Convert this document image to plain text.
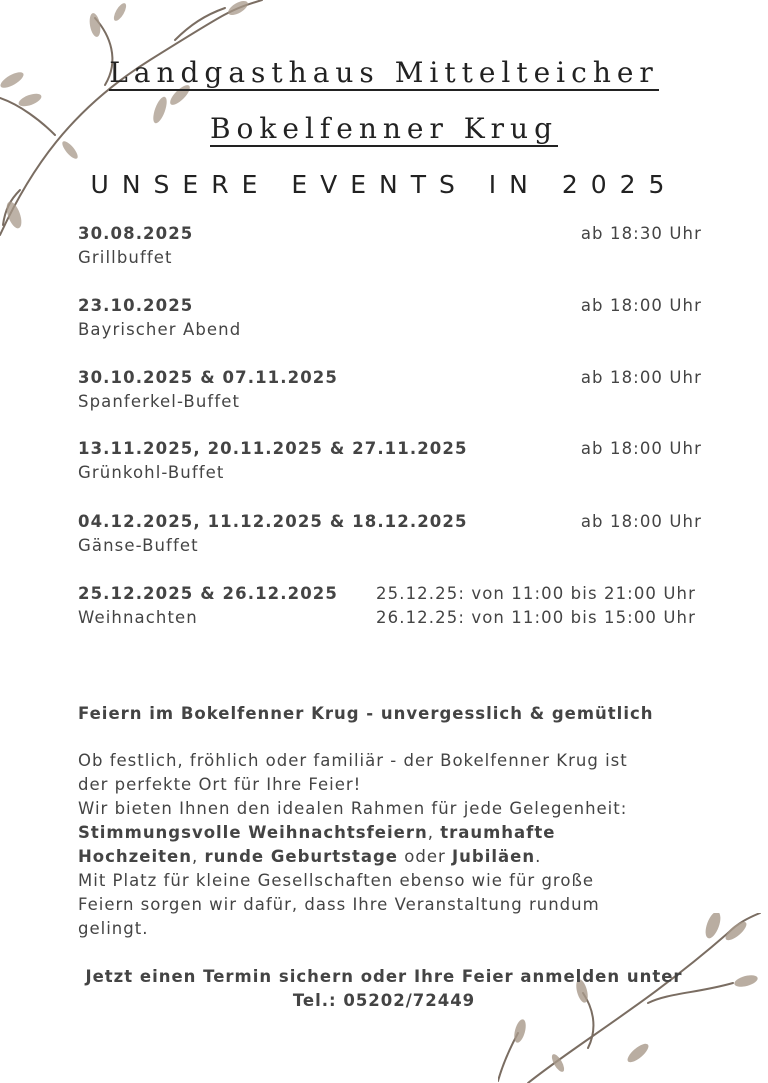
Landgasthaus Mittelteicher
Bokelfenner Krug
UNSERE EVENTS IN 2025
30.08.2025
Grillbuffet
ab 18:30 Uhr
23.10.2025
Bayrischer Abend
ab 18:00 Uhr
30.10.2025 & 07.11.2025
Spanferkel-Buffet
ab 18:00 Uhr
13.11.2025, 20.11.2025 & 27.11.2025
Grünkohl-Buffet
ab 18:00 Uhr
04.12.2025, 11.12.2025 & 18.12.2025
Gänse-Buffet
ab 18:00 Uhr
25.12.2025 & 26.12.2025
Weihnachten
25.12.25: von 11:00 bis 21:00 Uhr
26.12.25: von 11:00 bis 15:00 Uhr
Feiern im Bokelfenner Krug - unvergesslich & gemütlich
Ob festlich, fröhlich oder familiär - der Bokelfenner Krug ist
der perfekte Ort für Ihre Feier!
Wir bieten Ihnen den idealen Rahmen für jede Gelegenheit:
Stimmungsvolle Weihnachtsfeiern, traumhafte
Hochzeiten, runde Geburtstage oder Jubiläen.
Mit Platz für kleine Gesellschaften ebenso wie für große
Feiern sorgen wir dafür, dass Ihre Veranstaltung rundum
gelingt.
Jetzt einen Termin sichern oder Ihre Feier anmelden unter
Tel.: 05202/72449
